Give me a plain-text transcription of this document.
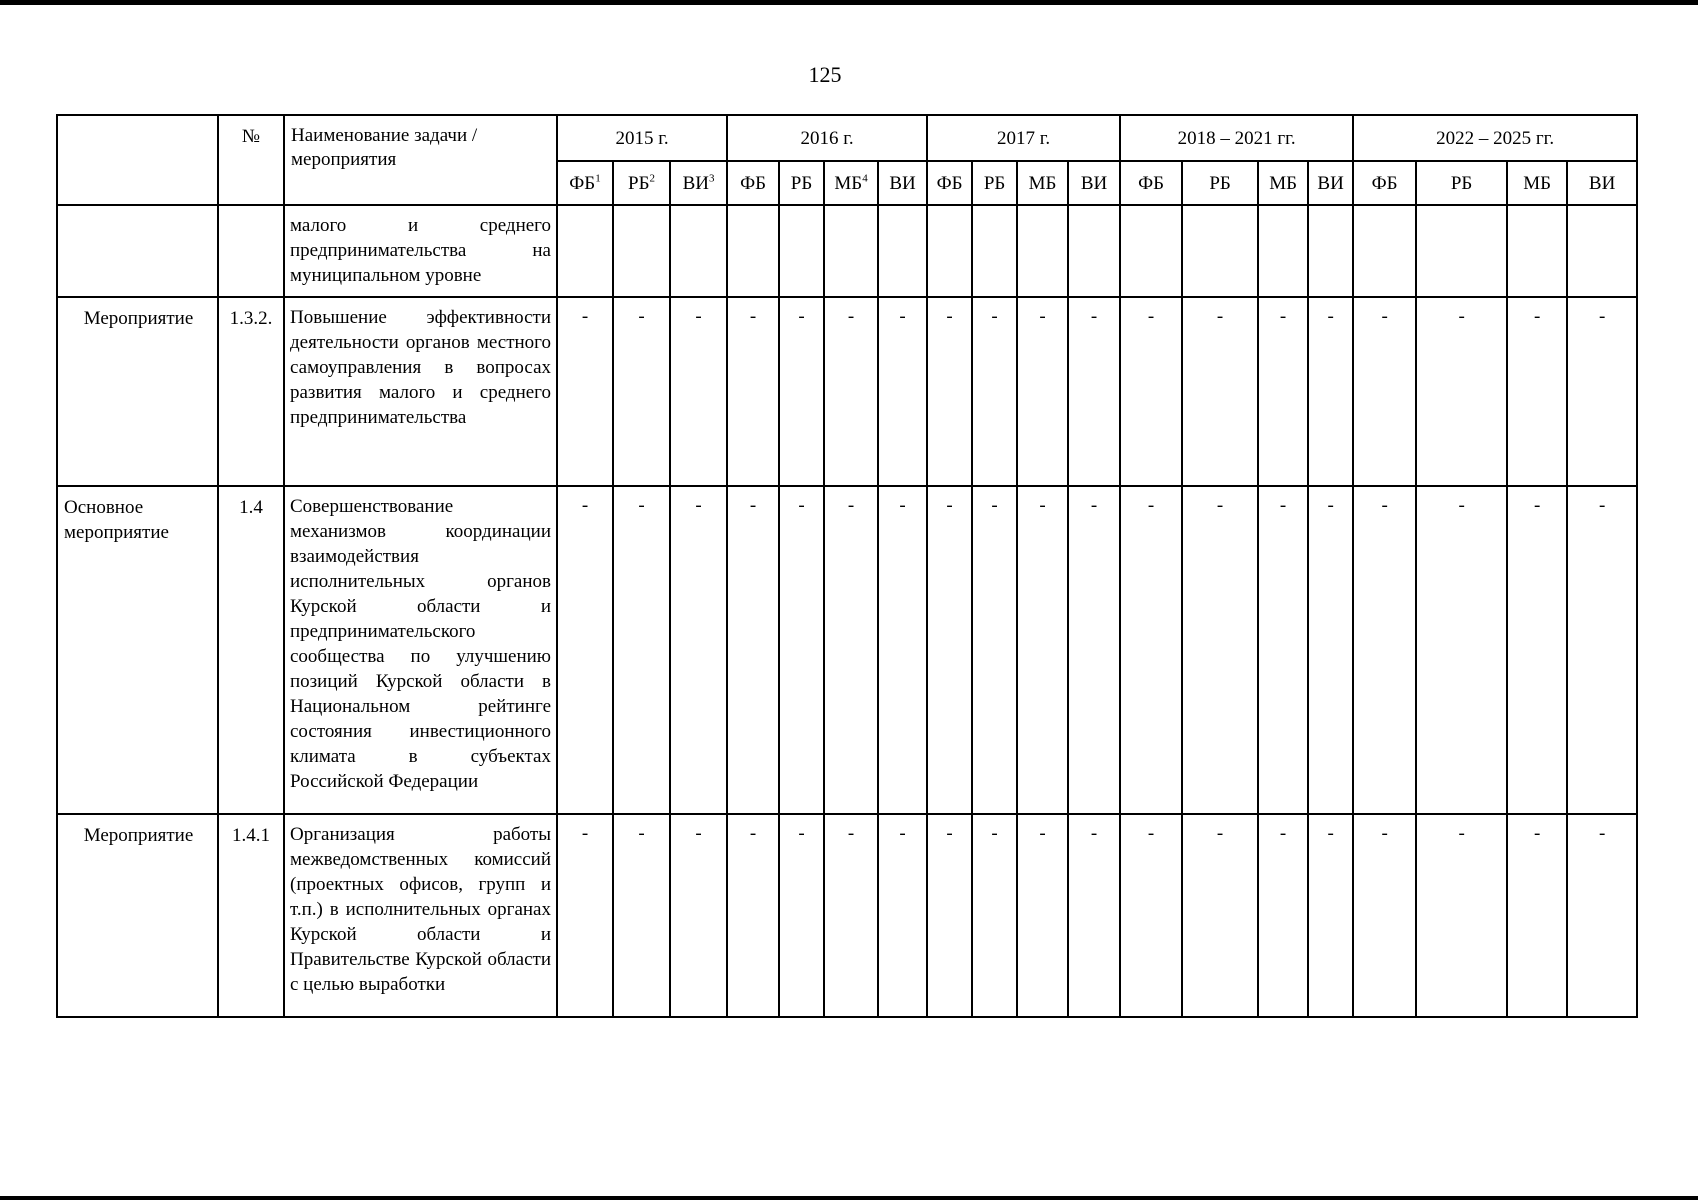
125
	№	Наименование задачи / мероприятия	2015 г.			2016 г.				2017 г.				2018 – 2021 гг.				2022 – 2025 гг.			
			$ФБ^1$	$РБ^2$	$ВИ^3$	ФБ	РБ	$МБ^4$	ВИ	ФБ	РБ	МБ	ВИ	ФБ	РБ	МБ	ВИ	ФБ	РБ	МБ	ВИ
		малого и среднего предпринимательства на муниципальном уровне																			
Мероприятие	1.3.2.	Повышение эффективности деятельности органов местного самоуправления в вопросах развития малого и среднего предпринимательства	-	-	-	-	-	-	-	-	-	-	-	-	-	-	-	-	-	-	-
Основное мероприятие	1.4	Совершенствование механизмов координации взаимодействия исполнительных органов Курской области и предпринимательского сообщества по улучшению позиций Курской области в Национальном рейтинге состояния инвестиционного климата в субъектах Российской Федерации	-	-	-	-	-	-	-	-	-	-	-	-	-	-	-	-	-	-	-
Мероприятие	1.4.1	Организация работы межведомственных комиссий (проектных офисов, групп и т.п.) в исполнительных органах Курской области и Правительстве Курской области с целью выработки	-	-	-	-	-	-	-	-	-	-	-	-	-	-	-	-	-	-	-
